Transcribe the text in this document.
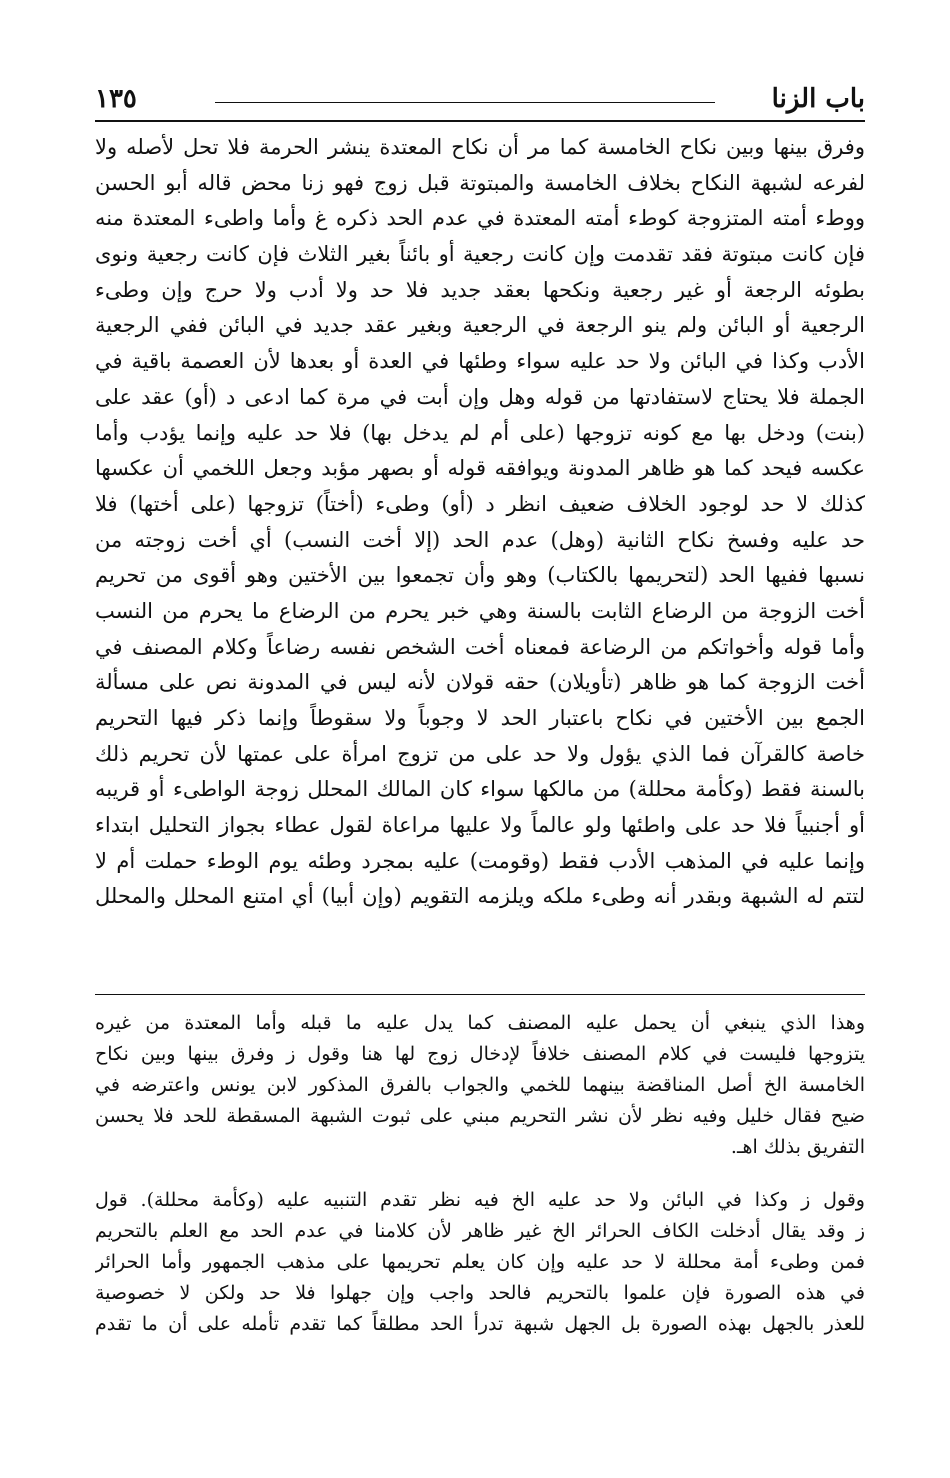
باب الزنا
١٣٥
وفرق بينها وبين نكاح الخامسة كما مر أن نكاح المعتدة ينشر الحرمة فلا تحل لأصله ولا
لفرعه لشبهة النكاح بخلاف الخامسة والمبتوتة قبل زوج فهو زنا محض قاله أبو الحسن
ووطء أمته المتزوجة كوطء أمته المعتدة في عدم الحد ذكره غ وأما واطىء المعتدة منه
فإن كانت مبتوتة فقد تقدمت وإن كانت رجعية أو بائناً بغير الثلاث فإن كانت رجعية ونوى
بطوئه الرجعة أو غير رجعية ونكحها بعقد جديد فلا حد ولا أدب ولا حرج وإن وطىء
الرجعية أو البائن ولم ينو الرجعة في الرجعية وبغير عقد جديد في البائن ففي الرجعية
الأدب وكذا في البائن ولا حد عليه سواء وطئها في العدة أو بعدها لأن العصمة باقية في
الجملة فلا يحتاج لاستفادتها من قوله وهل وإن أبت في مرة كما ادعى د (أو) عقد على
(بنت) ودخل بها مع كونه تزوجها (على أم لم يدخل بها) فلا حد عليه وإنما يؤدب وأما
عكسه فيحد كما هو ظاهر المدونة ويوافقه قوله أو بصهر مؤبد وجعل اللخمي أن عكسها
كذلك لا حد لوجود الخلاف ضعيف انظر د (أو) وطىء (أختاً) تزوجها (على أختها) فلا
حد عليه وفسخ نكاح الثانية (وهل) عدم الحد (إلا أخت النسب) أي أخت زوجته من
نسبها ففيها الحد (لتحريمها بالكتاب) وهو وأن تجمعوا بين الأختين وهو أقوى من تحريم
أخت الزوجة من الرضاع الثابت بالسنة وهي خبر يحرم من الرضاع ما يحرم من النسب
وأما قوله وأخواتكم من الرضاعة فمعناه أخت الشخص نفسه رضاعاً وكلام المصنف في
أخت الزوجة كما هو ظاهر (تأويلان) حقه قولان لأنه ليس في المدونة نص على مسألة
الجمع بين الأختين في نكاح باعتبار الحد لا وجوباً ولا سقوطاً وإنما ذكر فيها التحريم
خاصة كالقرآن فما الذي يؤول ولا حد على من تزوج امرأة على عمتها لأن تحريم ذلك
بالسنة فقط (وكأمة محللة) من مالكها سواء كان المالك المحلل زوجة الواطىء أو قريبه
أو أجنبياً فلا حد على واطئها ولو عالماً ولا عليها مراعاة لقول عطاء بجواز التحليل ابتداء
وإنما عليه في المذهب الأدب فقط (وقومت) عليه بمجرد وطئه يوم الوطء حملت أم لا
لتتم له الشبهة وبقدر أنه وطىء ملكه ويلزمه التقويم (وإن أبيا) أي امتنع المحلل والمحلل
وهذا الذي ينبغي أن يحمل عليه المصنف كما يدل عليه ما قبله وأما المعتدة من غيره
يتزوجها فليست في كلام المصنف خلافاً لإدخال زوج لها هنا وقول ز وفرق بينها وبين نكاح
الخامسة الخ أصل المناقضة بينهما للخمي والجواب بالفرق المذكور لابن يونس واعترضه في
ضيح فقال خليل وفيه نظر لأن نشر التحريم مبني على ثبوت الشبهة المسقطة للحد فلا يحسن
التفريق بذلك اهـ.
وقول ز وكذا في البائن ولا حد عليه الخ فيه نظر تقدم التنبيه عليه (وكأمة محللة). قول
ز وقد يقال أدخلت الكاف الحرائر الخ غير ظاهر لأن كلامنا في عدم الحد مع العلم بالتحريم
فمن وطىء أمة محللة لا حد عليه وإن كان يعلم تحريمها على مذهب الجمهور وأما الحرائر
في هذه الصورة فإن علموا بالتحريم فالحد واجب وإن جهلوا فلا حد ولكن لا خصوصية
للعذر بالجهل بهذه الصورة بل الجهل شبهة تدرأ الحد مطلقاً كما تقدم تأمله على أن ما تقدم
